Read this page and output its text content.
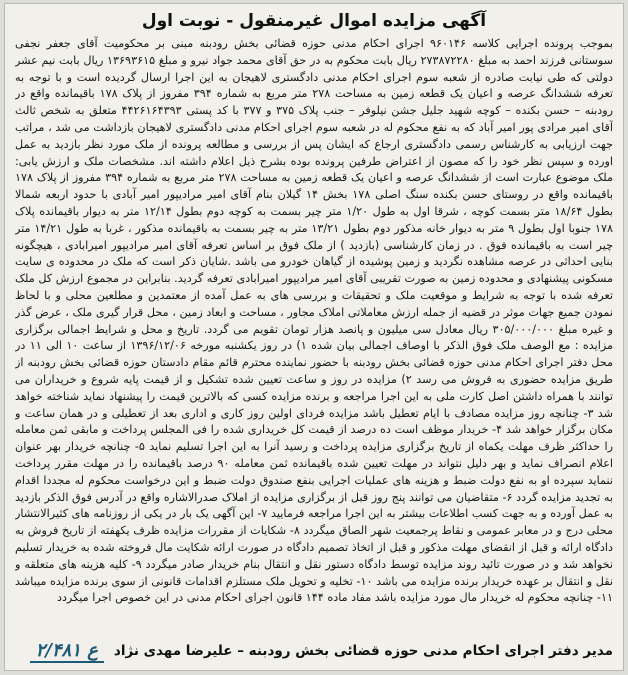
آگهی مزایده اموال غیرمنقول - نوبت اول
بموجب پرونده اجرایی کلاسه ۹۶۰۱۴۶ اجرای احکام مدنی حوزه قضائی بخش رودبنه مبنی بر محکومیت آقای جعفر نجفی سوستانی فرزند احمد به مبلغ ۲۷۳۸۷۲۲۸۰ ریال بابت محکوم به در حق آقای محمد جواد نیرو و مبلغ ۱۳۶۹۳۶۱۵ ریال بابت نیم عشر دولتی که طی نیابت صادره از شعبه سوم اجرای احکام مدنی دادگستری لاهیجان به این اجرا ارسال گردیده است و با توجه به تعرفه ششدانگ عرصه و اعیان یک قطعه زمین به مساحت ۲۷۸ متر مربع به شماره ۳۹۴ مفروز از پلاک ۱۷۸ باقیمانده واقع در رودبنه – حسن بکنده – کوچه شهید جلیل جشن نیلوفر – جنب پلاک ۳۷۵ و ۳۷۷ با کد پستی ۴۴۲۶۱۶۴۳۹۳ متعلق به شخص ثالث آقای امیر مرادی پور امیر آباد که به نفع محکوم له در شعبه سوم اجرای احکام مدنی دادگستری لاهیجان بازداشت می شد ، مراتب جهت ارزیابی به کارشناس رسمی دادگستری ارجاع که ایشان پس از بررسی و مطالعه پرونده از ملک مورد نظر بازدید به عمل اورده و سپس نظر خود را که مصون از اعتراض طرفین پرونده بوده بشرح ذیل اعلام داشته اند. مشخصات ملک و ارزش یابی: ملک موضوع عبارت است از ششدانگ عرصه و اعیان یک قطعه زمین به مساحت ۲۷۸ متر مربع به شماره ۳۹۴ مفروز از پلاک ۱۷۸ باقیمانده واقع در روستای حسن بکنده سنگ اصلی ۱۷۸ بخش ۱۴ گیلان بنام آقای امیر مرادیپور امیر آبادی با حدود اربعه شمالا بطول ۱۸/۶۴ متر بسمت کوچه ، شرقا اول به طول ۱/۲۰ متر چیر بسمت به کوچه دوم بطول ۱۲/۱۴ متر به دیوار باقیمانده پلاک ۱۷۸ جنوبا اول بطول ۹ متر به دیوار خانه مذکور دوم بطول ۱۳/۲۱ متر به چیر بسمت به باقیمانده مذکور ، غربا به طول ۱۴/۲۱ متر چیر است به باقیمانده فوق . در زمان کارشناسی (بازدید ) از ملک فوق بر اساس تعرفه آقای امیر مرادیپور امیرابادی ، هیچگونه بنایی احداثی در عرصه مشاهده نگردید و زمین پوشیده از گیاهان خودرو می باشد .شایان ذکر است که ملک در محدوده ی سایت مسکونی پیشنهادی و محدوده زمین به صورت تقریبی آقای امیر مرادیپور امیرابادی تعرفه گردید. بنابراین در مجموع ارزش کل ملک تعرفه شده با توجه به شرایط و موقعیت ملک و تحقیقات و بررسی های به عمل آمده از معتمدین و مطلعین محلی و با لحاظ نمودن جمیع جهات موثر در قضیه از جمله ارزش معاملاتی املاک مجاور ، مساحت و ابعاد زمین ، محل قرار گیری ملک ، عرض گذر و غیره مبلغ ۳۰۵/۰۰۰/۰۰۰ ریال معادل سی میلیون و پانصد هزار تومان تقویم می گردد. تاریخ و محل و شرایط اجمالی برگزاری مزایده : مع الوصف ملک فوق الذکر با اوصاف اجمالی بیان شده ۱) در روز یکشنبه مورخه ۱۳۹۶/۱۲/۰۶ از ساعت ۱۰ الی ۱۱ در محل دفتر اجرای احکام مدنی حوزه قضائی بخش رودبنه با حضور نماینده محترم قائم مقام دادستان حوزه قضائی بخش رودبنه از طریق مزایده حضوری به فروش می رسد ۲) مزایده در روز و ساعت تعیین شده تشکیل و از قیمت پایه شروع و خریداران می توانند با همراه داشتن اصل کارت ملی به این اجرا مراجعه و برنده مزایده کسی که بالاترین قیمت را پیشنهاد نماید شناخته خواهد شد ۳- چنانچه روز مزایده مصادف با ایام تعطیل باشد مزایده فردای اولین روز کاری و اداری بعد از تعطیلی و در همان ساعت و مکان برگزار خواهد شد ۴- خریدار موظف است ده درصد از قیمت کل خریداری شده را فی المجلس پرداخت و مابقی ثمن معامله را حداکثر ظرف مهلت یکماه از تاریخ برگزاری مزایده پرداخت و رسید آنرا به این اجرا تسلیم نماید ۵- چنانچه خریدار بهر عنوان اعلام انصراف نماید و بهر دلیل نتواند در مهلت تعیین شده باقیمانده ثمن معامله ۹۰ درصد باقیمانده را در مهلت مقرر پرداخت ننماید سپرده او به نفع دولت ضبط و هزینه های عملیات اجرایی بنفع صندوق دولت ضبط و این درخواست محکوم له مجددا اقدام به تجدید مزایده گردد ۶- متقاضیان می توانند پنج روز قبل از برگزاری مزایده از املاک صدرالاشاره واقع در آدرس فوق الذکر بازدید به عمل آورده و به جهت کسب اطلاعات بیشتر به این اجرا مراجعه فرمایید ۷- این آگهی یک بار در یکی از روزنامه های کثیرالانتشار محلی درج و در معابر عمومی و نقاط پرجمعیت شهر الصاق میگردد ۸- شکایات از مقررات مزایده ظرف یکهفته از تاریخ فروش به دادگاه ارائه و قبل از انقضای مهلت مذکور و قبل از اتخاذ تصمیم دادگاه در صورت ارائه شکایت مال فروخته شده به خریدار تسلیم نخواهد شد و در صورت تائید روند مزایده توسط دادگاه دستور نقل و انتقال بنام خریدار صادر میگردد ۹- کلیه هزینه های متعلقه و نقل و انتقال بر عهده خریدار برنده مزایده می باشد ۱۰- تخلیه و تحویل ملک مستلزم اقدامات قانونی از سوی برنده مزایده میباشد ۱۱- چنانچه محکوم له خریدار مال مورد مزایده باشد مفاد ماده ۱۴۴ قانون اجرای احکام مدنی در این خصوص اجرا میگردد
مدیر دفتر اجرای احکام مدنی حوزه قضائی بخش رودبنه – علیرضا مهدی نژاد
ع ۲/۴۸۱
